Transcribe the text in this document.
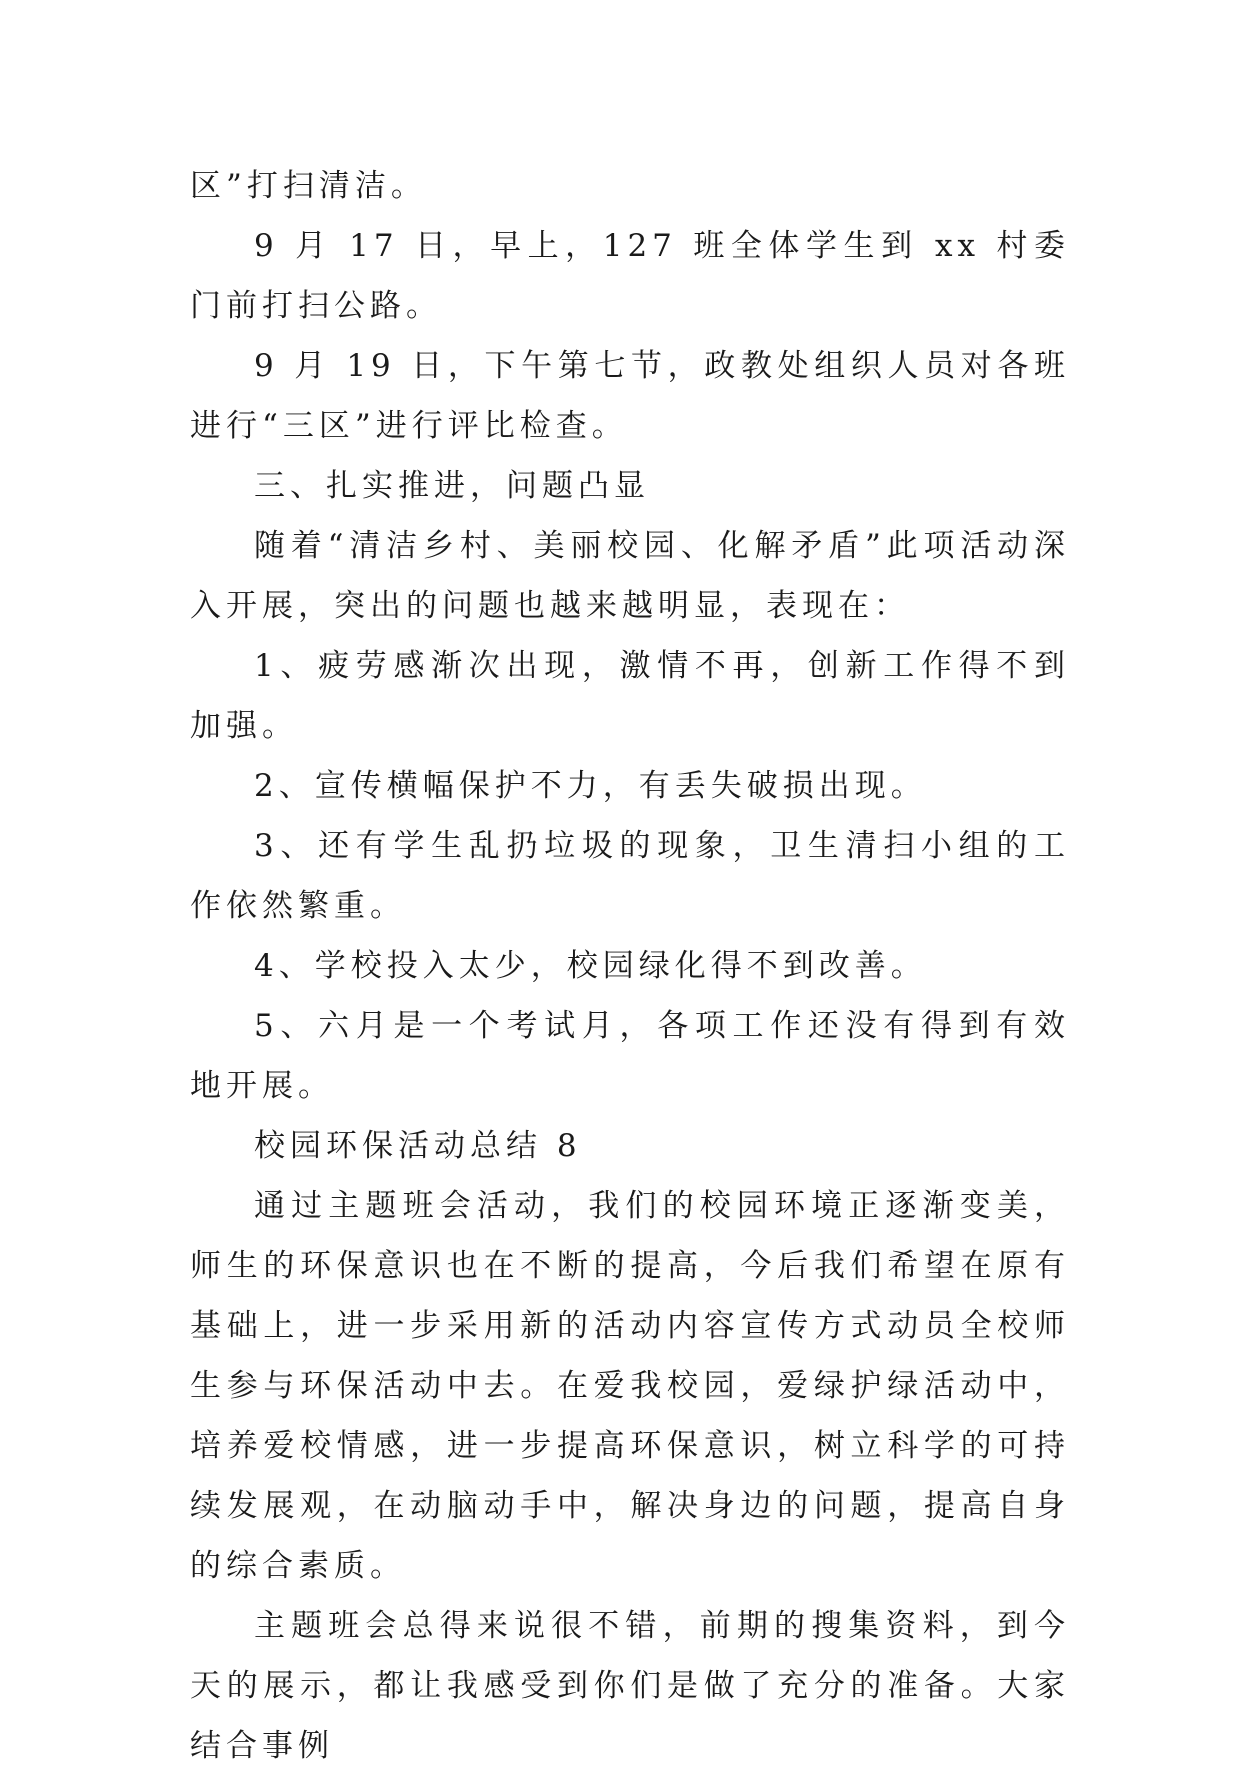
区”打扫清洁。

9 月 17 日，早上，127 班全体学生到 xx 村委门前打扫公路。

9 月 19 日，下午第七节，政教处组织人员对各班进行“三区”进行评比检查。

三、扎实推进，问题凸显

随着“清洁乡村、美丽校园、化解矛盾”此项活动深入开展，突出的问题也越来越明显，表现在：

1、疲劳感渐次出现，激情不再，创新工作得不到加强。

2、宣传横幅保护不力，有丢失破损出现。

3、还有学生乱扔垃圾的现象，卫生清扫小组的工作依然繁重。

4、学校投入太少，校园绿化得不到改善。

5、六月是一个考试月，各项工作还没有得到有效地开展。

校园环保活动总结 8

通过主题班会活动，我们的校园环境正逐渐变美，师生的环保意识也在不断的提高，今后我们希望在原有基础上，进一步采用新的活动内容宣传方式动员全校师生参与环保活动中去。在爱我校园，爱绿护绿活动中，培养爱校情感，进一步提高环保意识，树立科学的可持续发展观，在动脑动手中，解决身边的问题，提高自身的综合素质。

主题班会总得来说很不错，前期的搜集资料，到今天的展示，都让我感受到你们是做了充分的准备。大家结合事例
